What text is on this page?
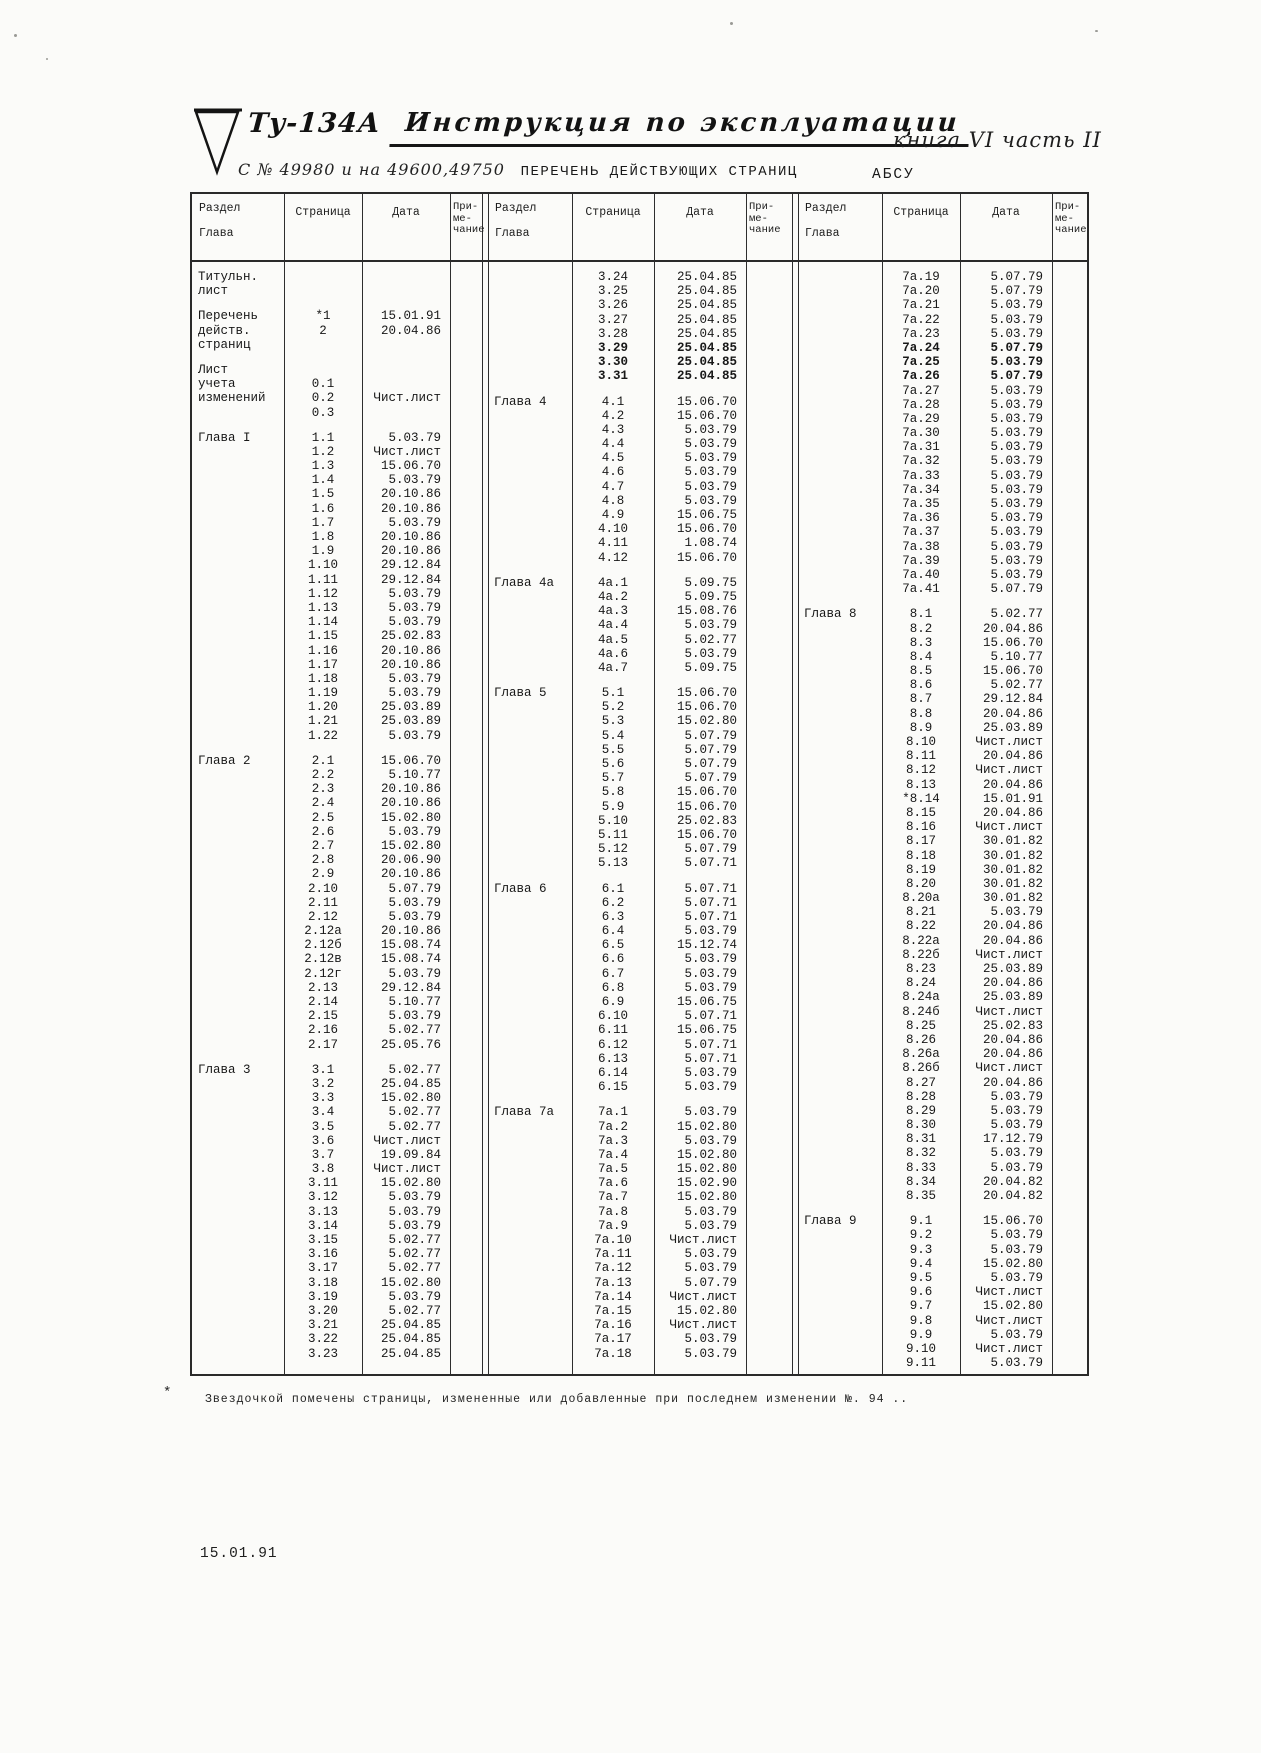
Ту-134А Инструкция по эксплуатации
книга VI часть II
С № 49980 и на 49600,49750 ПЕРЕЧЕНЬ ДЕЙСТВУЮЩИХ СТРАНИЦ	АБСУ
Раздел
Глава
Страница	Дата	При-
ме-
чание
Раздел
Глава
Страница	Дата	При-
ме-
чание
Раздел
Глава
Страница	Дата	При-
ме-
чание
Титульн.
лист
Перечень	*1	15.01.91
действ.	2	20.04.86
страниц
Лист
учета	0.1
изменений	0.2	Чист.лист
0.3
Глава I	1.1	5.03.79
1.2	Чист.лист
1.3	15.06.70
1.4	5.03.79
1.5	20.10.86
1.6	20.10.86
1.7	5.03.79
1.8	20.10.86
1.9	20.10.86
1.10	29.12.84
1.11	29.12.84
1.12	5.03.79
1.13	5.03.79
1.14	5.03.79
1.15	25.02.83
1.16	20.10.86
1.17	20.10.86
1.18	5.03.79
1.19	5.03.79
1.20	25.03.89
1.21	25.03.89
1.22	5.03.79
Глава 2	2.1	15.06.70
2.2	5.10.77
2.3	20.10.86
2.4	20.10.86
2.5	15.02.80
2.6	5.03.79
2.7	15.02.80
2.8	20.06.90
2.9	20.10.86
2.10	5.07.79
2.11	5.03.79
2.12	5.03.79
2.12а	20.10.86
2.12б	15.08.74
2.12в	15.08.74
2.12г	5.03.79
2.13	29.12.84
2.14	5.10.77
2.15	5.03.79
2.16	5.02.77
2.17	25.05.76
Глава 3	3.1	5.02.77
3.2	25.04.85
3.3	15.02.80
3.4	5.02.77
3.5	5.02.77
3.6	Чист.лист
3.7	19.09.84
3.8	Чист.лист
3.11	15.02.80
3.12	5.03.79
3.13	5.03.79
3.14	5.03.79
3.15	5.02.77
3.16	5.02.77
3.17	5.02.77
3.18	15.02.80
3.19	5.03.79
3.20	5.02.77
3.21	25.04.85
3.22	25.04.85
3.23	25.04.85
3.24	25.04.85
3.25	25.04.85
3.26	25.04.85
3.27	25.04.85
3.28	25.04.85
3.29	25.04.85
3.30	25.04.85
3.31	25.04.85
Глава 4	4.1	15.06.70
4.2	15.06.70
4.3	5.03.79
4.4	5.03.79
4.5	5.03.79
4.6	5.03.79
4.7	5.03.79
4.8	5.03.79
4.9	15.06.75
4.10	15.06.70
4.11	1.08.74
4.12	15.06.70
Глава 4а	4а.1	5.09.75
4а.2	5.09.75
4а.3	15.08.76
4а.4	5.03.79
4а.5	5.02.77
4а.6	5.03.79
4а.7	5.09.75
Глава 5	5.1	15.06.70
5.2	15.06.70
5.3	15.02.80
5.4	5.07.79
5.5	5.07.79
5.6	5.07.79
5.7	5.07.79
5.8	15.06.70
5.9	15.06.70
5.10	25.02.83
5.11	15.06.70
5.12	5.07.79
5.13	5.07.71
Глава 6	6.1	5.07.71
6.2	5.07.71
6.3	5.07.71
6.4	5.03.79
6.5	15.12.74
6.6	5.03.79
6.7	5.03.79
6.8	5.03.79
6.9	15.06.75
6.10	5.07.71
6.11	15.06.75
6.12	5.07.71
6.13	5.07.71
6.14	5.03.79
6.15	5.03.79
Глава 7а	7а.1	5.03.79
7а.2	15.02.80
7а.3	5.03.79
7а.4	15.02.80
7а.5	15.02.80
7а.6	15.02.90
7а.7	15.02.80
7а.8	5.03.79
7а.9	5.03.79
7а.10	Чист.лист
7а.11	5.03.79
7а.12	5.03.79
7а.13	5.07.79
7а.14	Чист.лист
7а.15	15.02.80
7а.16	Чист.лист
7а.17	5.03.79
7а.18	5.03.79
7а.19	5.07.79
7а.20	5.07.79
7а.21	5.03.79
7а.22	5.03.79
7а.23	5.03.79
7а.24	5.07.79
7а.25	5.03.79
7а.26	5.07.79
7а.27	5.03.79
7а.28	5.03.79
7а.29	5.03.79
7а.30	5.03.79
7а.31	5.03.79
7а.32	5.03.79
7а.33	5.03.79
7а.34	5.03.79
7а.35	5.03.79
7а.36	5.03.79
7а.37	5.03.79
7а.38	5.03.79
7а.39	5.03.79
7а.40	5.03.79
7а.41	5.07.79
Глава 8	8.1	5.02.77
8.2	20.04.86
8.3	15.06.70
8.4	5.10.77
8.5	15.06.70
8.6	5.02.77
8.7	29.12.84
8.8	20.04.86
8.9	25.03.89
8.10	Чист.лист
8.11	20.04.86
8.12	Чист.лист
8.13	20.04.86
*8.14	15.01.91
8.15	20.04.86
8.16	Чист.лист
8.17	30.01.82
8.18	30.01.82
8.19	30.01.82
8.20	30.01.82
8.20а	30.01.82
8.21	5.03.79
8.22	20.04.86
8.22а	20.04.86
8.22б	Чист.лист
8.23	25.03.89
8.24	20.04.86
8.24а	25.03.89
8.24б	Чист.лист
8.25	25.02.83
8.26	20.04.86
8.26а	20.04.86
8.26б	Чист.лист
8.27	20.04.86
8.28	5.03.79
8.29	5.03.79
8.30	5.03.79
8.31	17.12.79
8.32	5.03.79
8.33	5.03.79
8.34	20.04.82
8.35	20.04.82
Глава 9	9.1	15.06.70
9.2	5.03.79
9.3	5.03.79
9.4	15.02.80
9.5	5.03.79
9.6	Чист.лист
9.7	15.02.80
9.8	Чист.лист
9.9	5.03.79
9.10	Чист.лист
9.11	5.03.79
*	Звездочкой помечены страницы, измененные или добавленные при последнем изменении №. 94 ..
15.01.91
